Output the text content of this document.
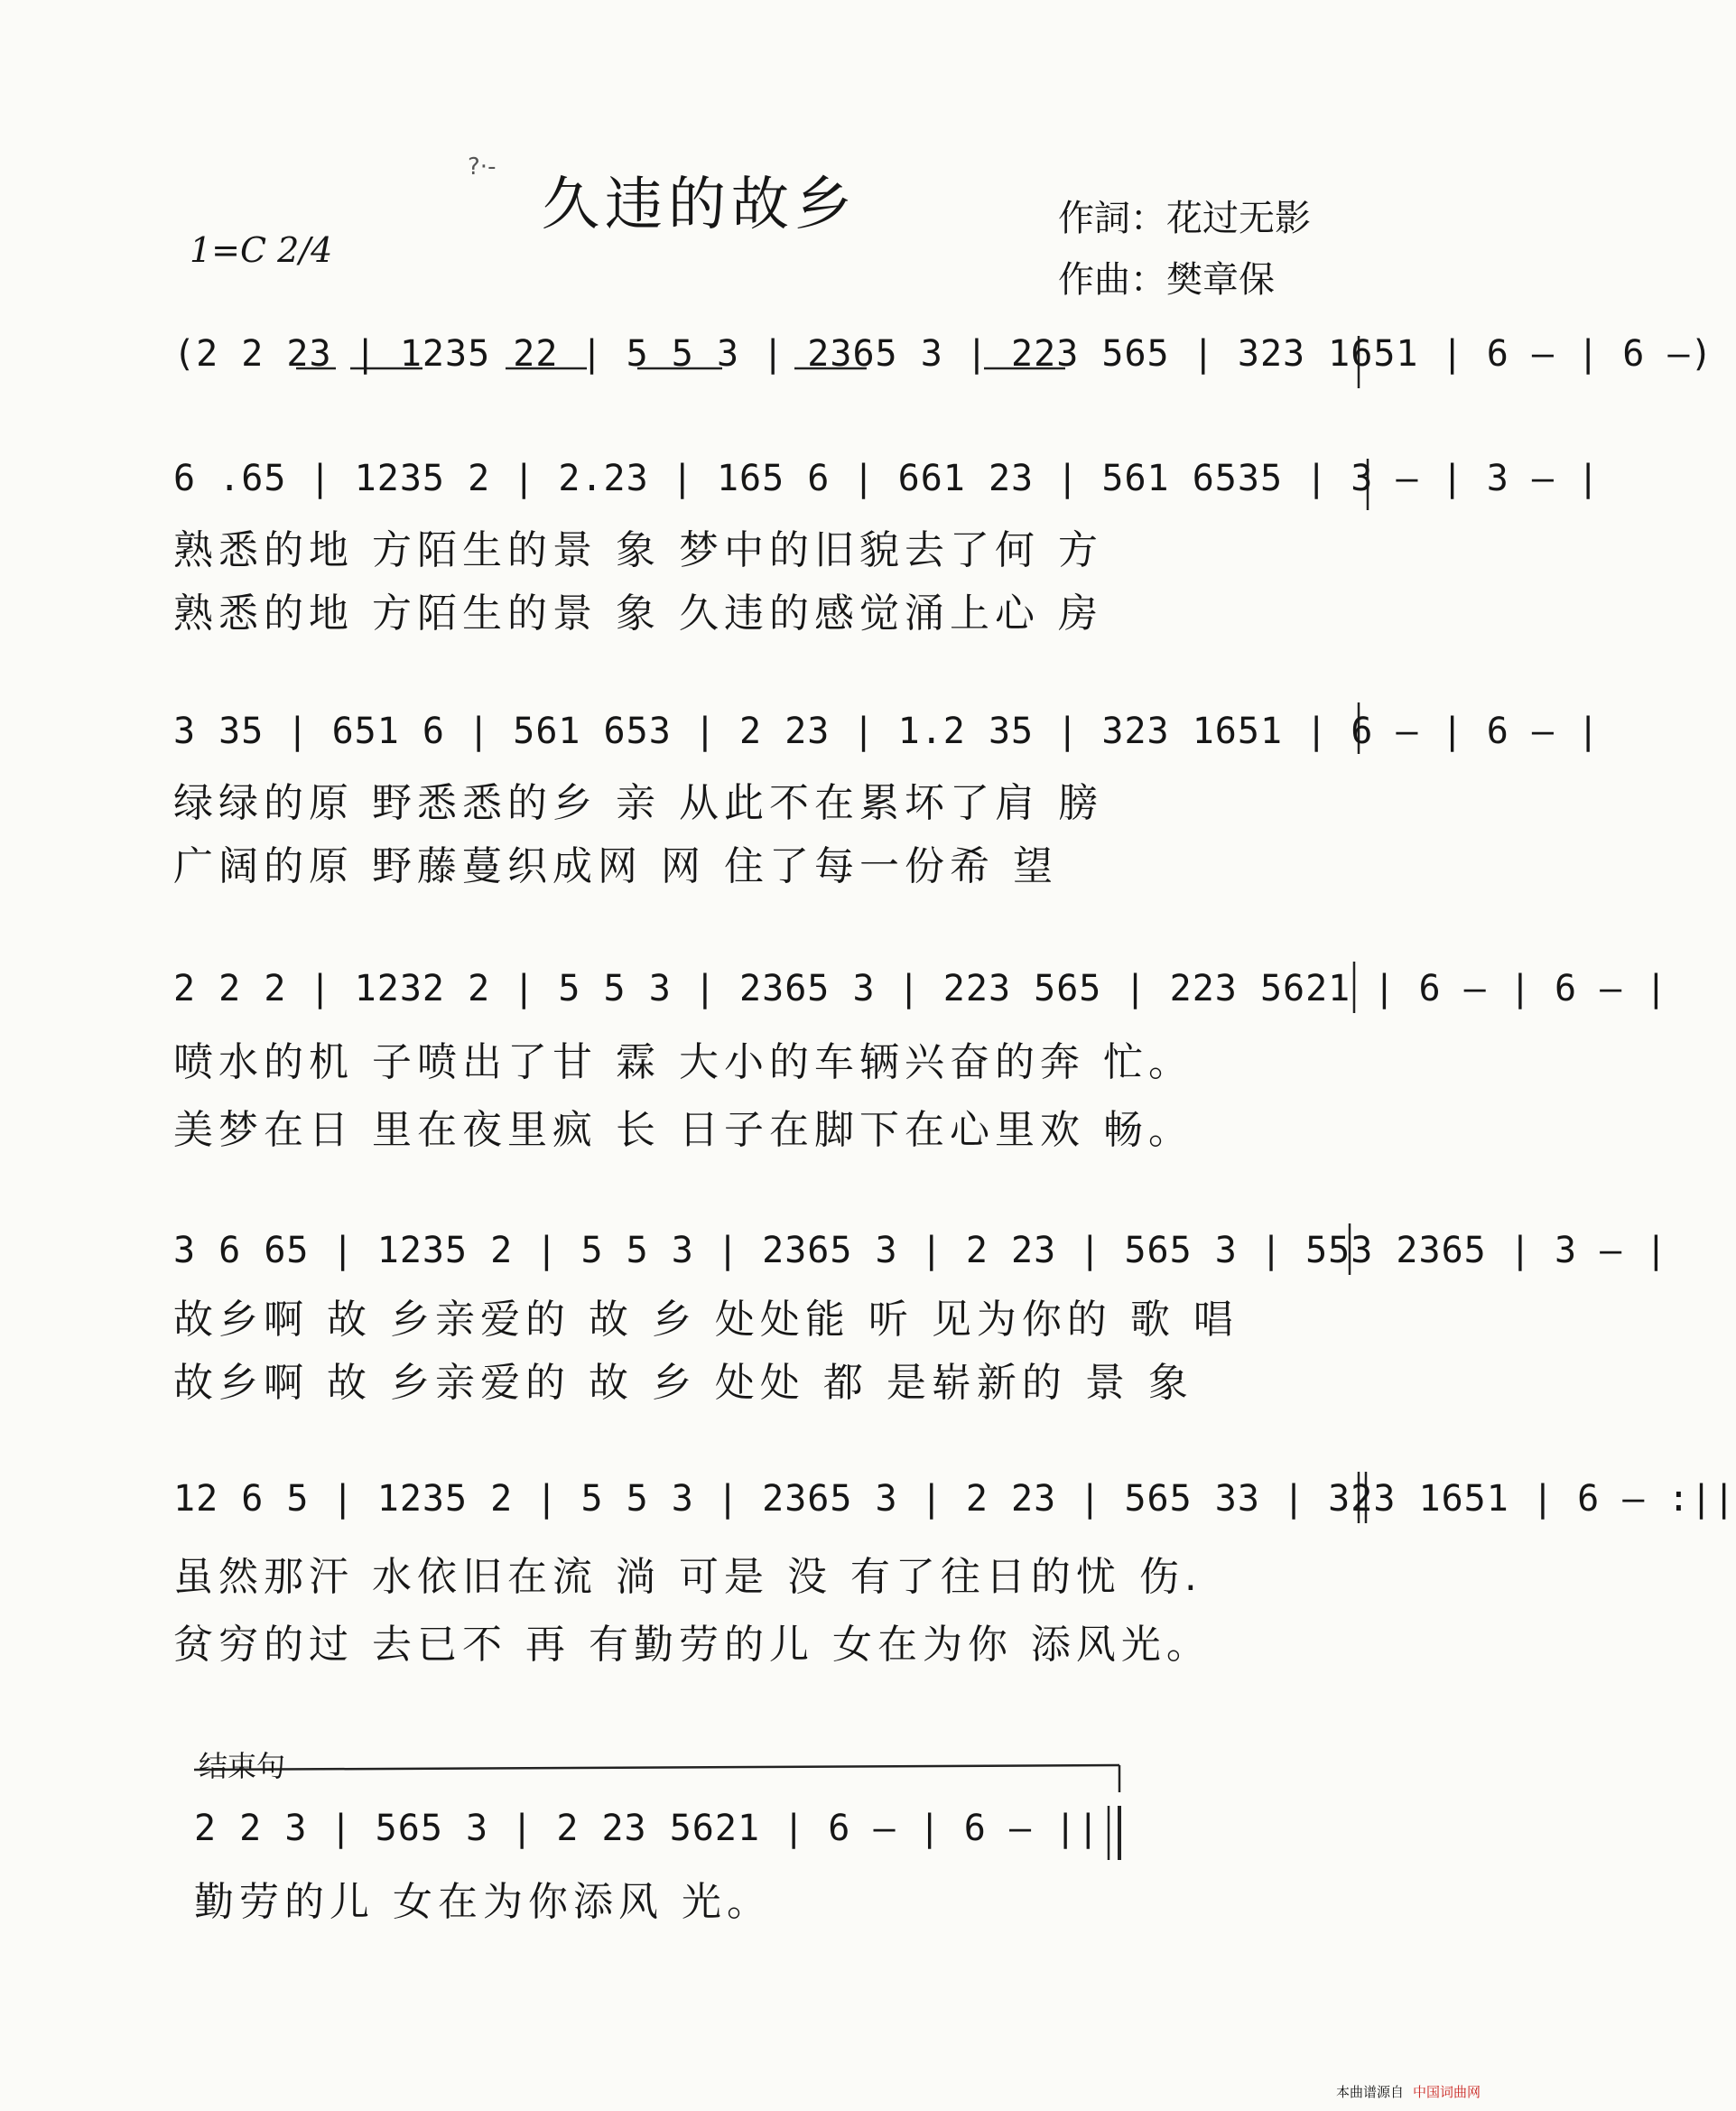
?·-
久违的故乡
1=C 2/4
作詞：花过无影
作曲：樊章保
(2 2 23 | 1235 22 | 5 5 3 | 2365 3 | 223 565 | 323 1651 | 6 — | 6 —)
6 .65 | 1235 2 | 2.23 | 165 6 | 661 23 | 561 6535 | 3 — | 3 — |
熟悉的地 方陌生的景 象 梦中的旧貌去了何 方
熟悉的地 方陌生的景 象 久违的感觉涌上心 房
3 35 | 651 6 | 561 653 | 2 23 | 1.2 35 | 323 1651 | 6 — | 6 — |
绿绿的原 野悉悉的乡 亲 从此不在累坏了肩 膀
广阔的原 野藤蔓织成网 网 住了每一份希 望
2 2 2 | 1232 2 | 5 5 3 | 2365 3 | 223 565 | 223 5621 | 6 — | 6 — |
喷水的机 子喷出了甘 霖 大小的车辆兴奋的奔 忙。
美梦在日 里在夜里疯 长 日子在脚下在心里欢 畅。
3 6 65 | 1235 2 | 5 5 3 | 2365 3 | 2 23 | 565 3 | 553 2365 | 3 — |
故乡啊 故 乡亲爱的 故 乡 处处能 听 见为你的 歌 唱
故乡啊 故 乡亲爱的 故 乡 处处 都 是崭新的 景 象
12 6 5 | 1235 2 | 5 5 3 | 2365 3 | 2 23 | 565 33 | 323 1651 | 6 — :||
虽然那汗 水依旧在流 淌 可是 没 有了往日的忧 伤.
贫穷的过 去已不 再 有勤劳的儿 女在为你 添风光。
结束句
2 2 3 | 565 3 | 2 23 5621 | 6 — | 6 — ||
勤劳的儿 女在为你添风 光。
本曲谱源自 中国词曲网
